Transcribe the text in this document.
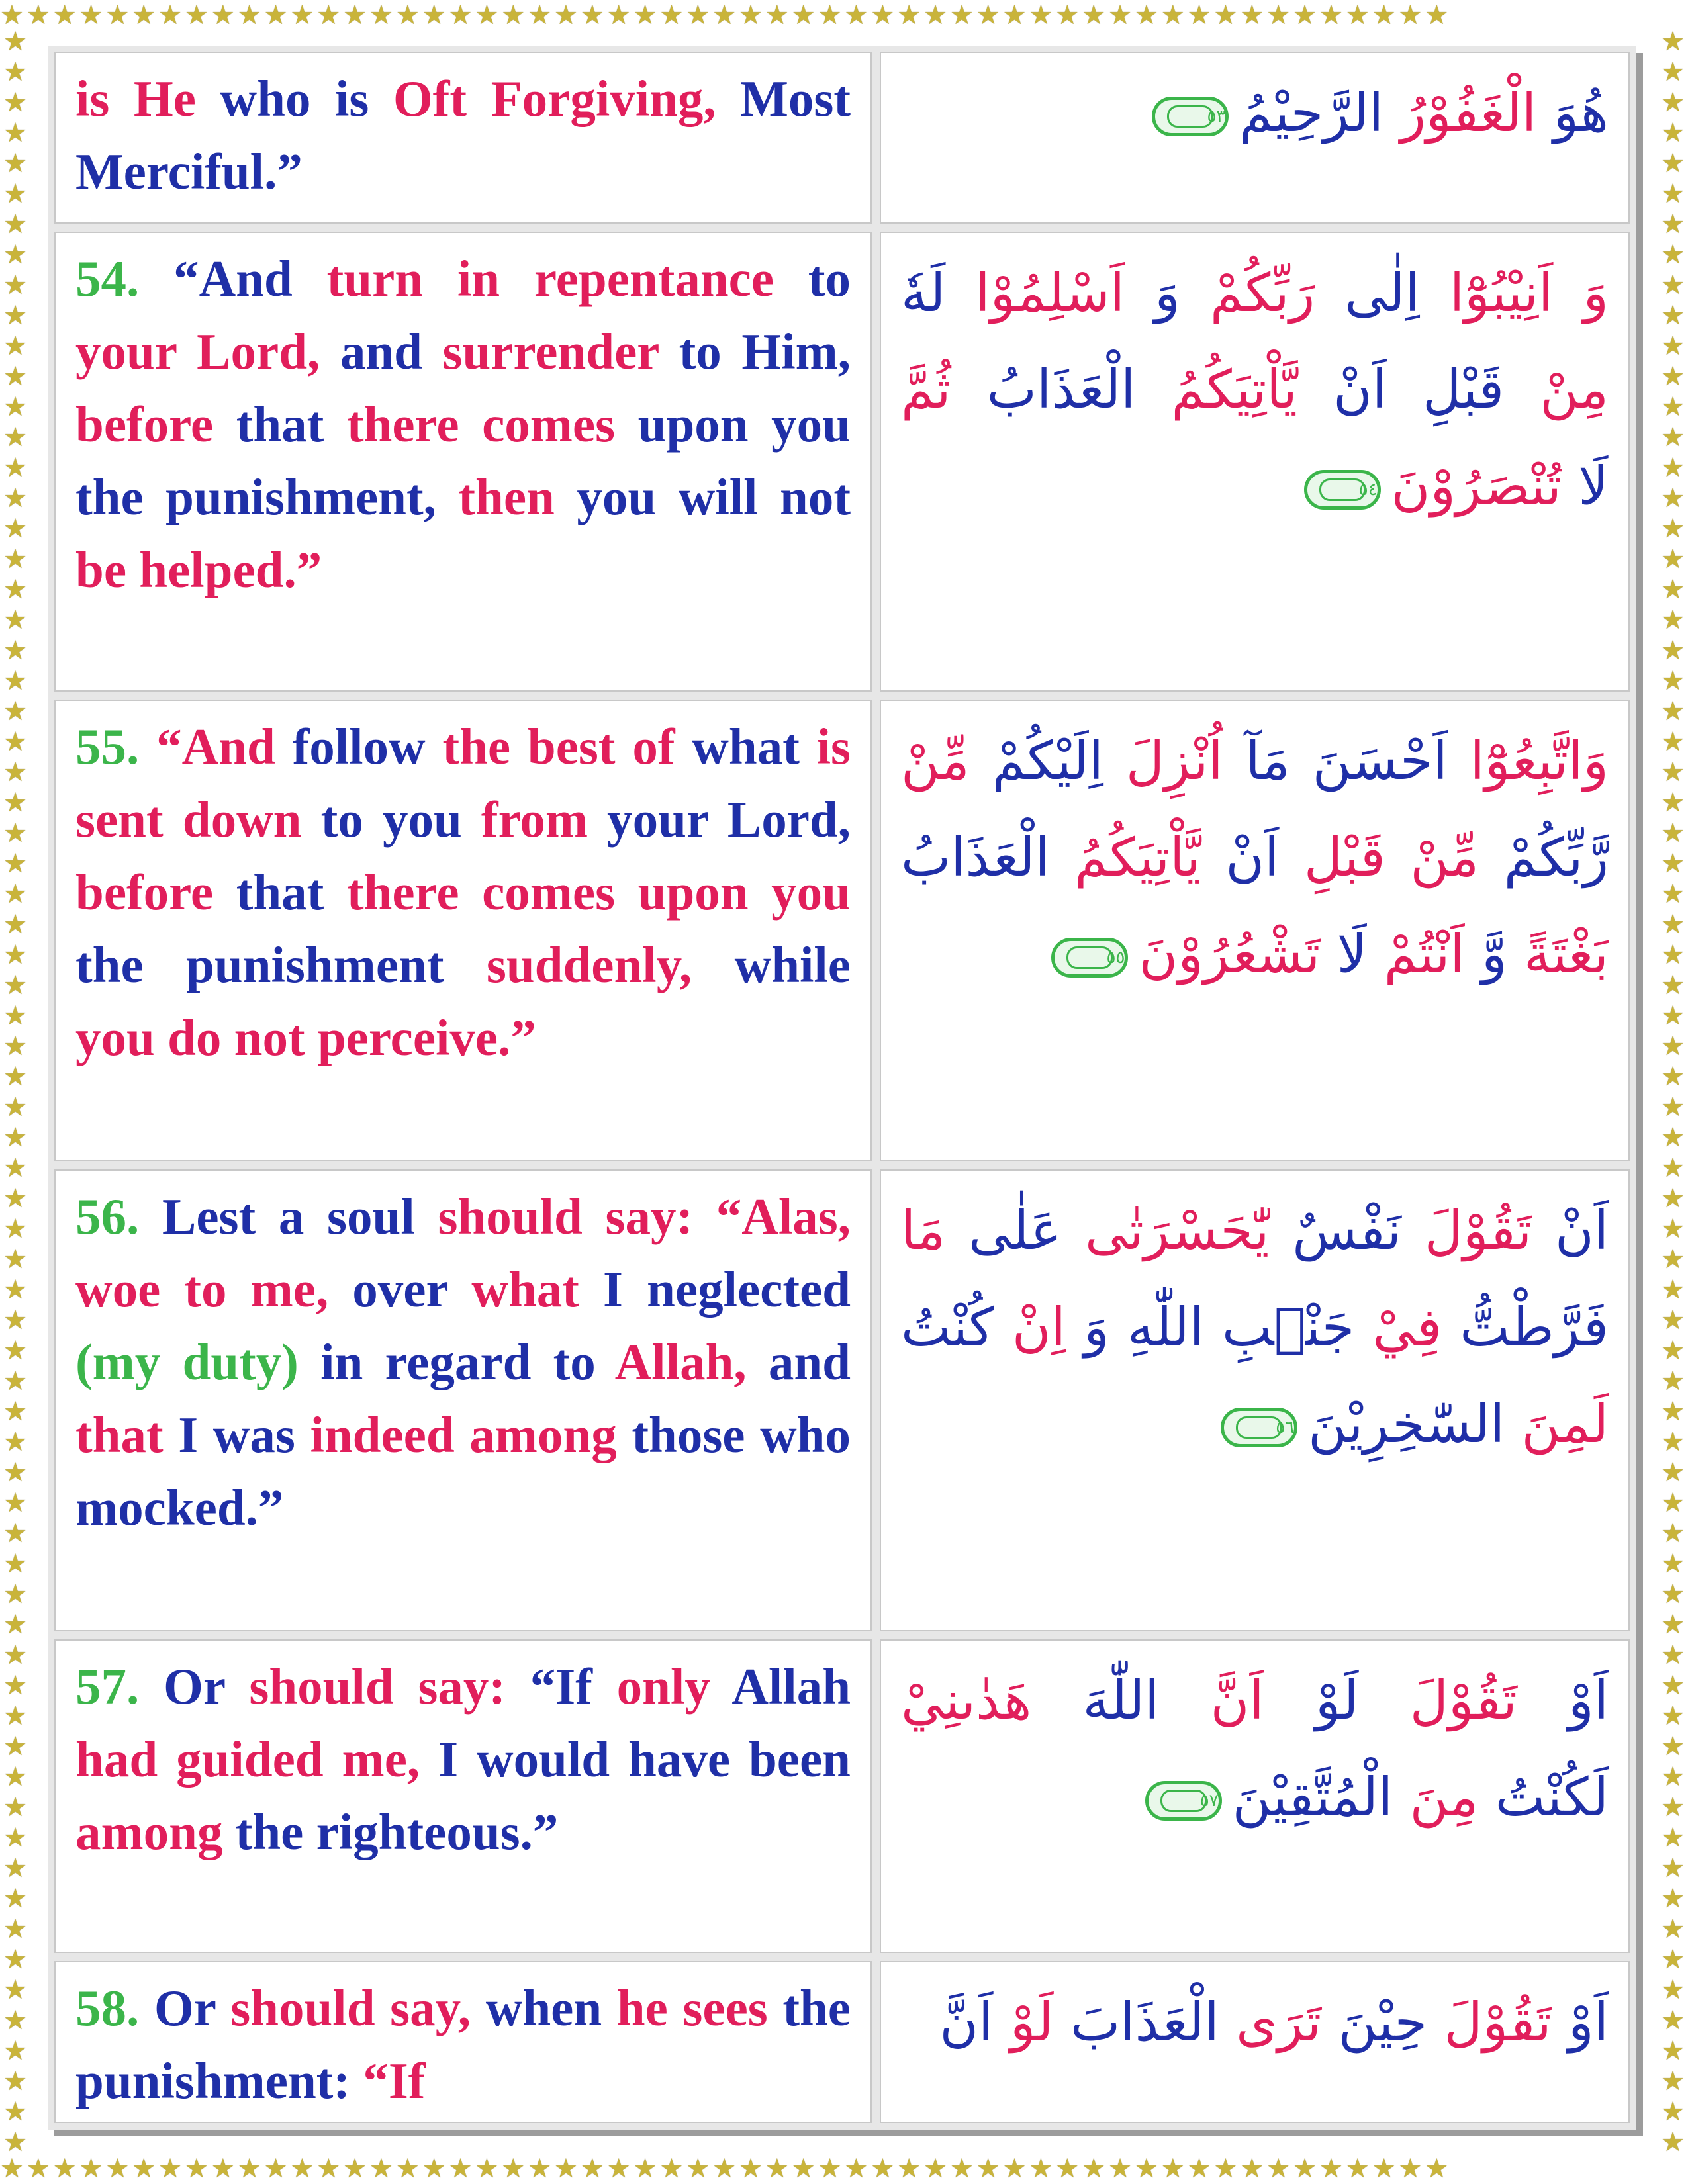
★★★★★★★★★★★★★★★★★★★★★★★★★★★★★★★★★★★★★★★★★★★★★★★★★★★★★★★
★★★★★★★★★★★★★★★★★★★★★★★★★★★★★★★★★★★★★★★★★★★★★★★★★★★★★★★
★★★★★★★★★★★★★★★★★★★★★★★★★★★★★★★★★★★★★★★★★★★★★★★★★★★★★★★★★★★★★★★★★★★★★★
★★★★★★★★★★★★★★★★★★★★★★★★★★★★★★★★★★★★★★★★★★★★★★★★★★★★★★★★★★★★★★★★★★★★★★
is He who is Oft Forgiving, Most Merciful.”
هُوَ الْغَفُوْرُ الرَّحِيْمُ٥٣
54. “And turn in repentance to your Lord, and surrender to Him, before that there comes upon you the punishment, then you will not be helped.”
وَ اَنِيْبُوْٓا اِلٰى رَبِّكُمْ وَ اَسْلِمُوْا لَهٗ
مِنْ قَبْلِ اَنْ يَّاْتِيَكُمُ الْعَذَابُ ثُمَّ
لَا تُنْصَرُوْنَ٥٤
55. “And follow the best of what is sent down to you from your Lord, before that there comes upon you the punishment suddenly, while you do not perceive.”
وَاتَّبِعُوْٓا اَحْسَنَ مَآ اُنْزِلَ اِلَيْكُمْ مِّنْ
رَّبِّكُمْ مِّنْ قَبْلِ اَنْ يَّاْتِيَكُمُ الْعَذَابُ
بَغْتَةً وَّ اَنْتُمْ لَا تَشْعُرُوْنَ٥٥
56. Lest a soul should say: “Alas, woe to me, over what I neglected (my duty) in regard to Allah, and that I was indeed among those who mocked.”
اَنْ تَقُوْلَ نَفْسٌ يّٰحَسْرَتٰى عَلٰى مَا
فَرَّطْتُّ فِيْ جَنْۢبِ اللّٰهِ وَ اِنْ كُنْتُ
لَمِنَ السّٰخِرِيْنَ٥٦
57. Or should say: “If only Allah had guided me, I would have been among the righteous.”
اَوْ تَقُوْلَ لَوْ اَنَّ اللّٰهَ هَدٰىنِيْ
لَكُنْتُ مِنَ الْمُتَّقِيْنَ٥٧
58. Or should say, when he sees the punishment: “If
اَوْ تَقُوْلَ حِيْنَ تَرَى الْعَذَابَ لَوْ اَنَّ
